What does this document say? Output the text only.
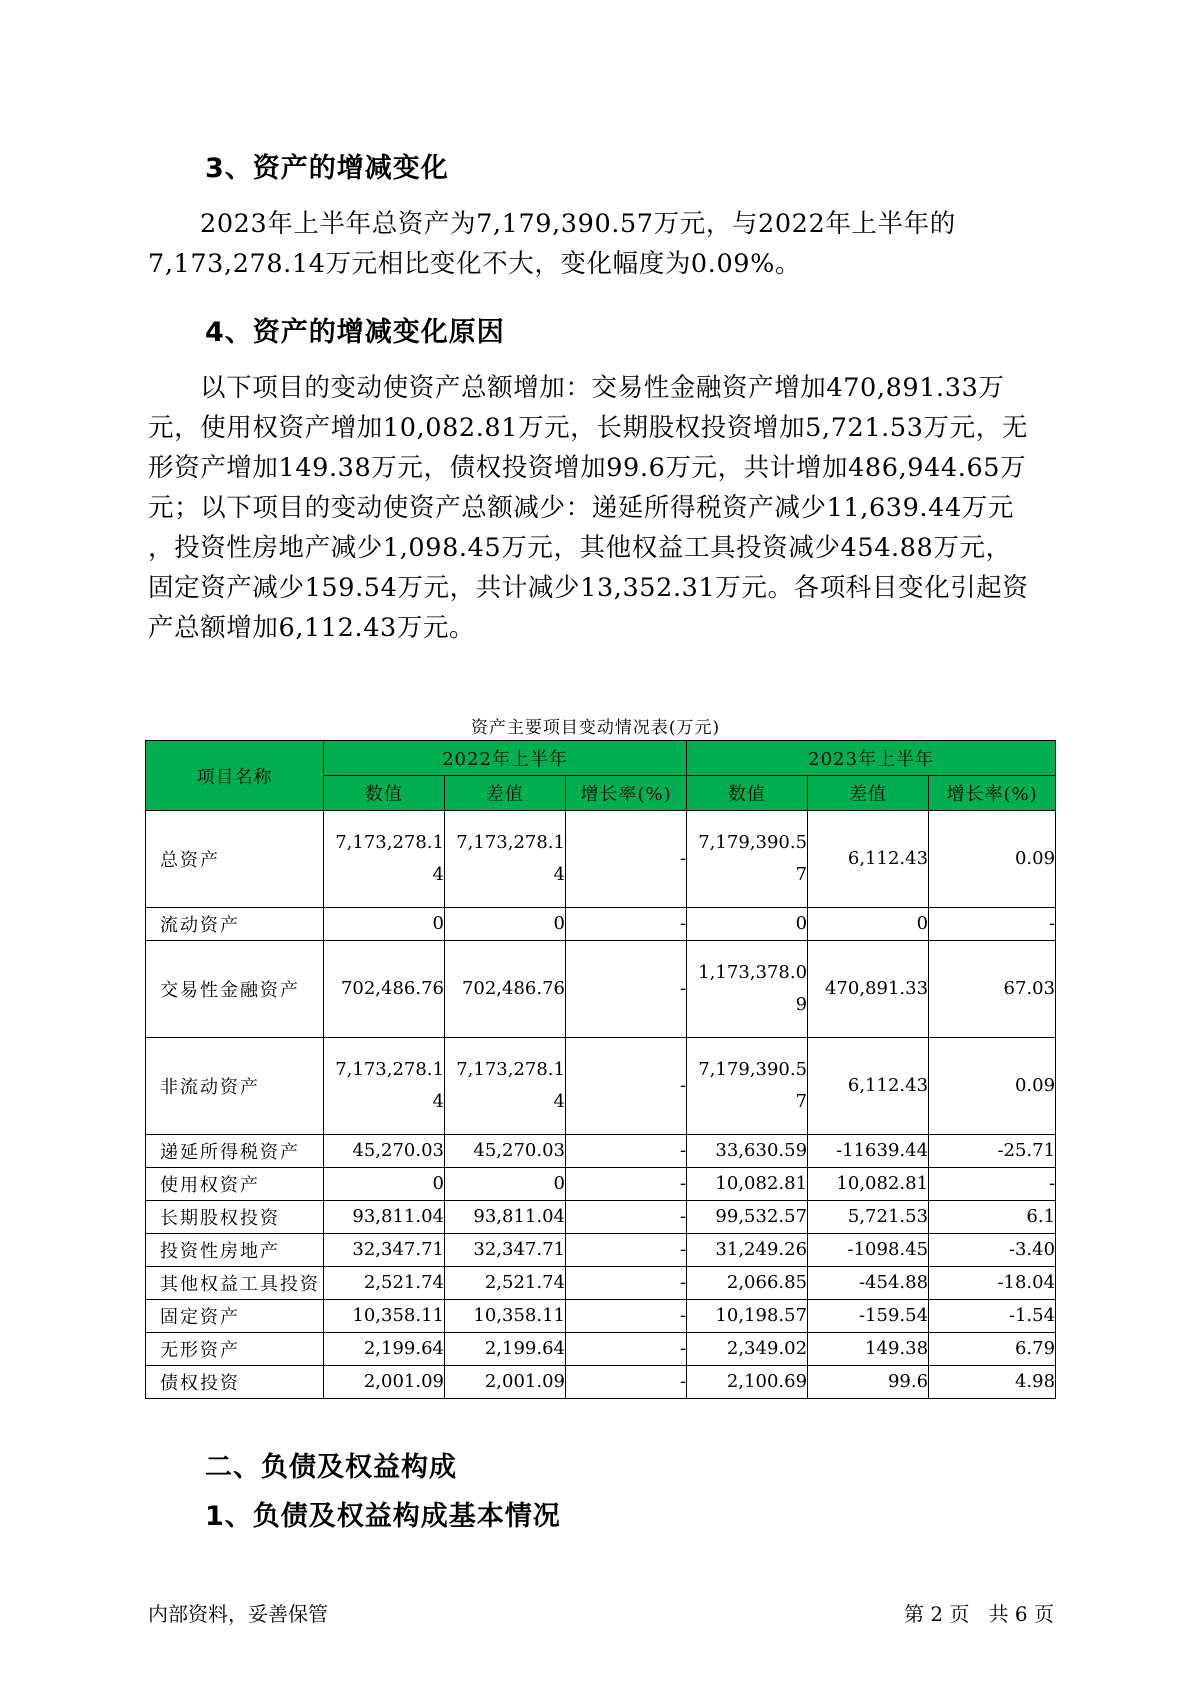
3、资产的增减变化
2023年上半年总资产为7,179,390.57万元，与2022年上半年的
7,173,278.14万元相比变化不大，变化幅度为0.09%。
4、资产的增减变化原因
以下项目的变动使资产总额增加：交易性金融资产增加470,891.33万
元，使用权资产增加10,082.81万元，长期股权投资增加5,721.53万元，无
形资产增加149.38万元，债权投资增加99.6万元，共计增加486,944.65万
元；以下项目的变动使资产总额减少：递延所得税资产减少11,639.44万元
，投资性房地产减少1,098.45万元，其他权益工具投资减少454.88万元，
固定资产减少159.54万元，共计减少13,352.31万元。各项科目变化引起资
产总额增加6,112.43万元。
资产主要项目变动情况表(万元)
项目名称	2022年上半年			2023年上半年		
	数值	差值	增长率(%)	数值	差值	增长率(%)
总资产	7,173,278.14	7,173,278.14	-	7,179,390.57	6,112.43	0.09
流动资产	0	0	-	0	0	-
交易性金融资产	702,486.76	702,486.76	-	1,173,378.09	470,891.33	67.03
非流动资产	7,173,278.14	7,173,278.14	-	7,179,390.57	6,112.43	0.09
递延所得税资产	45,270.03	45,270.03	-	33,630.59	-11639.44	-25.71
使用权资产	0	0	-	10,082.81	10,082.81	-
长期股权投资	93,811.04	93,811.04	-	99,532.57	5,721.53	6.1
投资性房地产	32,347.71	32,347.71	-	31,249.26	-1098.45	-3.40
其他权益工具投资	2,521.74	2,521.74	-	2,066.85	-454.88	-18.04
固定资产	10,358.11	10,358.11	-	10,198.57	-159.54	-1.54
无形资产	2,199.64	2,199.64	-	2,349.02	149.38	6.79
债权投资	2,001.09	2,001.09	-	2,100.69	99.6	4.98
二、负债及权益构成
1、负债及权益构成基本情况
内部资料，妥善保管	第 2 页   共 6 页
